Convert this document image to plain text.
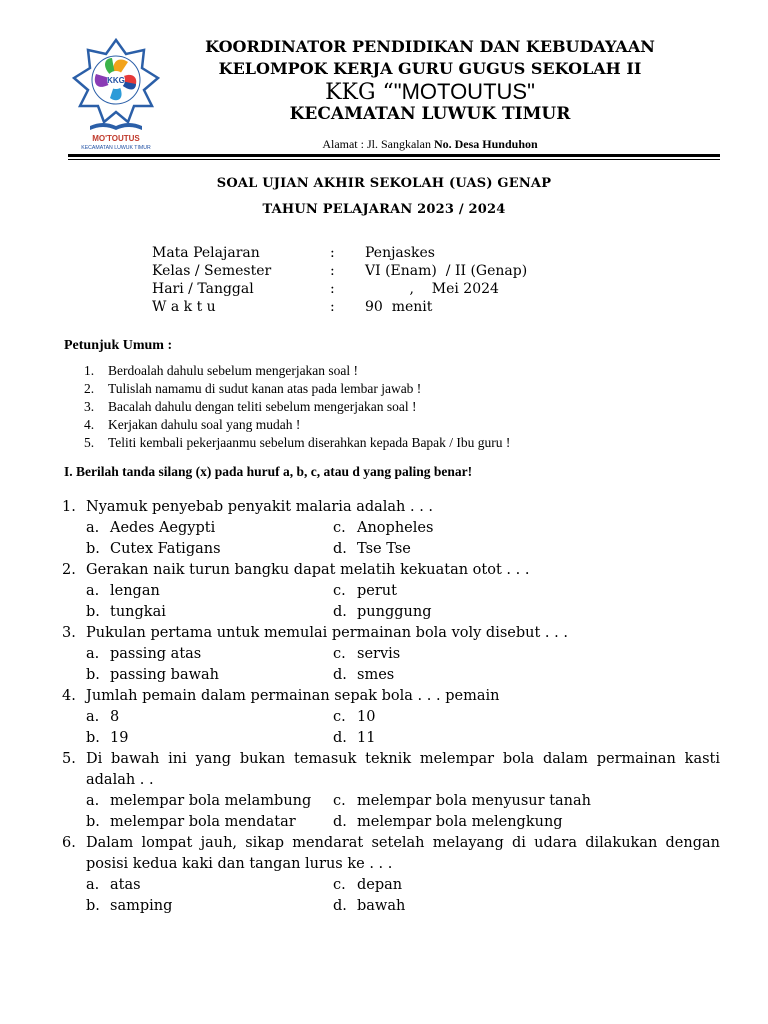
KKG
MO'TOUTUS
KECAMATAN LUWUK TIMUR
KOORDINATOR PENDIDIKAN DAN KEBUDAYAAN
KELOMPOK KERJA GURU GUGUS SEKOLAH II
KKG “"MOTOUTUS"
KECAMATAN LUWUK TIMUR
Alamat : Jl. Sangkalan No. Desa Hunduhon
SOAL UJIAN AKHIR SEKOLAH (UAS) GENAP
TAHUN PELAJARAN 2023 / 2024
Mata Pelajaran	: Penjaskes
Kelas / Semester	: VI (Enam)  / II (Genap)
Hari / Tanggal	: ,    Mei 2024
W a k t u	: 90  menit
Petunjuk Umum :
1. Berdoalah dahulu sebelum mengerjakan soal !
2. Tulislah namamu di sudut kanan atas pada lembar jawab !
3. Bacalah dahulu dengan teliti sebelum mengerjakan soal !
4. Kerjakan dahulu soal yang mudah !
5. Teliti kembali pekerjaanmu sebelum diserahkan kepada Bapak / Ibu guru !
I. Berilah tanda silang (x) pada huruf a, b, c, atau d yang paling benar!
1. Nyamuk penyebab penyakit malaria adalah . . .
a. Aedes Aegypti	c. Anopheles
b. Cutex Fatigans	d. Tse Tse
2. Gerakan naik turun bangku dapat melatih kekuatan otot . . .
a. lengan	c. perut
b. tungkai	d. punggung
3. Pukulan pertama untuk memulai permainan bola voly disebut . . .
a. passing atas	c. servis
b. passing bawah	d. smes
4. Jumlah pemain dalam permainan sepak bola . . . pemain
a. 8	c. 10
b. 19	d. 11
5. Di bawah ini yang bukan temasuk teknik melempar bola dalam permainan kasti
adalah . .
a. melempar bola melambung c. melempar bola menyusur tanah
b. melempar bola mendatar	d. melempar bola melengkung
6. Dalam lompat jauh, sikap mendarat setelah melayang di udara dilakukan dengan
posisi kedua kaki dan tangan lurus ke . . .
a. atas	c. depan
b. samping	d. bawah
